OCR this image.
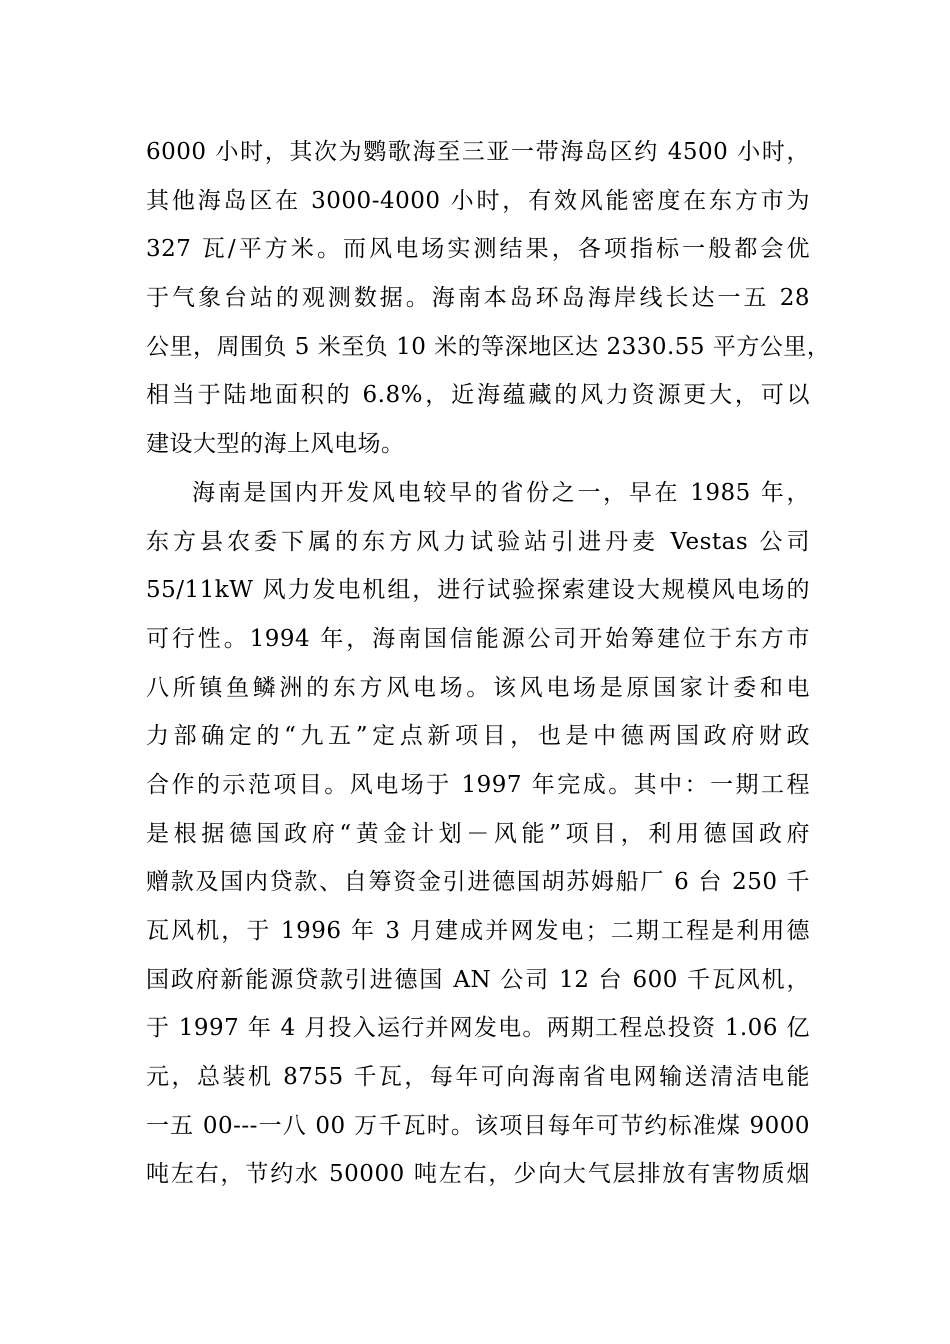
6000 小时，其次为鹦歌海至三亚一带海岛区约 4500 小时，
其他海岛区在 3000-4000 小时，有效风能密度在东方市为
327 瓦/平方米。而风电场实测结果，各项指标一般都会优
于气象台站的观测数据。海南本岛环岛海岸线长达一五 28
公里，周围负 5 米至负 10 米的等深地区达 2330.55 平方公里，
相当于陆地面积的 6.8%，近海蕴藏的风力资源更大，可以
建设大型的海上风电场。
海南是国内开发风电较早的省份之一，早在 1985 年，
东方县农委下属的东方风力试验站引进丹麦 Vestas 公司
55/11kW 风力发电机组，进行试验探索建设大规模风电场的
可行性。1994 年，海南国信能源公司开始筹建位于东方市
八所镇鱼鳞洲的东方风电场。该风电场是原国家计委和电
力部确定的“九五”定点新项目，也是中德两国政府财政
合作的示范项目。风电场于 1997 年完成。其中：一期工程
是根据德国政府“黄金计划－风能”项目，利用德国政府
赠款及国内贷款、自筹资金引进德国胡苏姆船厂 6 台 250 千
瓦风机，于 1996 年 3 月建成并网发电；二期工程是利用德
国政府新能源贷款引进德国 AN 公司 12 台 600 千瓦风机，
于 1997 年 4 月投入运行并网发电。两期工程总投资 1.06 亿
元，总装机 8755 千瓦，每年可向海南省电网输送清洁电能
一五 00---一八 00 万千瓦时。该项目每年可节约标准煤 9000
吨左右，节约水 50000 吨左右，少向大气层排放有害物质烟
